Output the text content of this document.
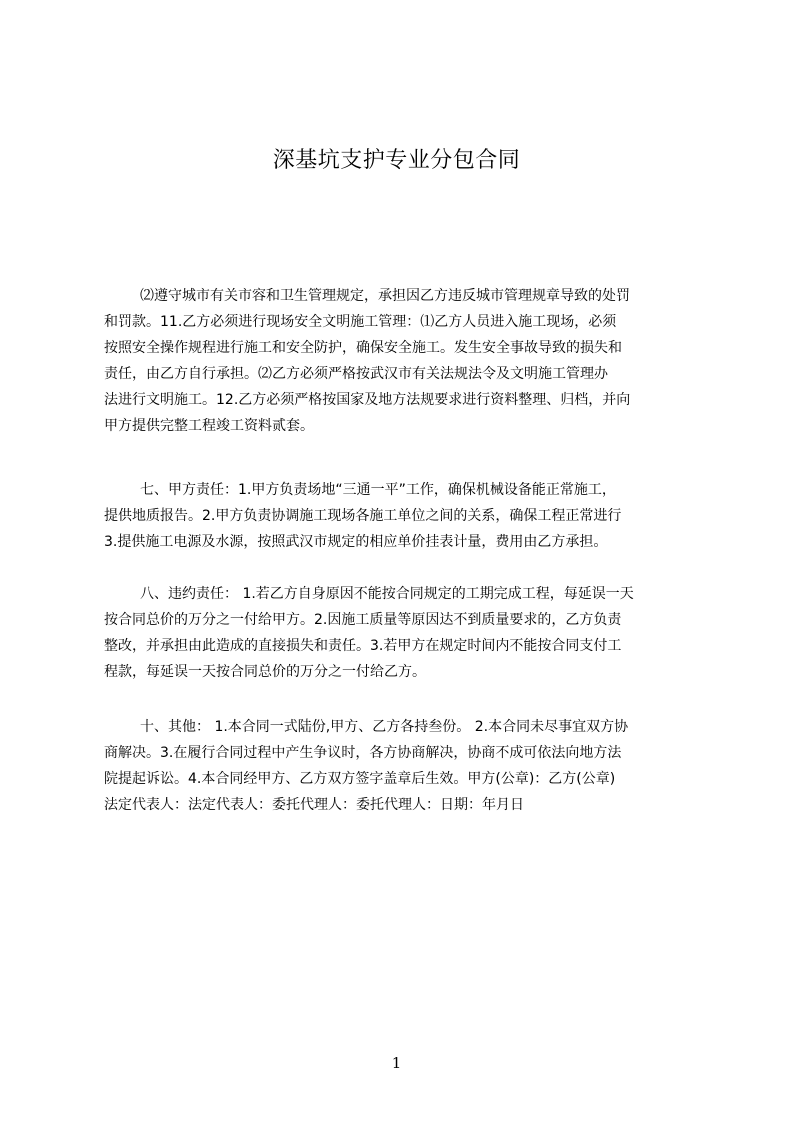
深基坑支护专业分包合同
⑵遵守城市有关市容和卫生管理规定，承担因乙方违反城市管理规章导致的处罚
和罚款。11.乙方必须进行现场安全文明施工管理：⑴乙方人员进入施工现场，必须
按照安全操作规程进行施工和安全防护，确保安全施工。发生安全事故导致的损失和
责任，由乙方自行承担。⑵乙方必须严格按武汉市有关法规法令及文明施工管理办
法进行文明施工。12.乙方必须严格按国家及地方法规要求进行资料整理、归档，并向
甲方提供完整工程竣工资料贰套。
七、甲方责任：1.甲方负责场地“三通一平”工作，确保机械设备能正常施工，
提供地质报告。2.甲方负责协调施工现场各施工单位之间的关系，确保工程正常进行
3.提供施工电源及水源，按照武汉市规定的相应单价挂表计量，费用由乙方承担。
八、违约责任： 1.若乙方自身原因不能按合同规定的工期完成工程，每延误一天
按合同总价的万分之一付给甲方。2.因施工质量等原因达不到质量要求的，乙方负责
整改，并承担由此造成的直接损失和责任。3.若甲方在规定时间内不能按合同支付工
程款，每延误一天按合同总价的万分之一付给乙方。
十、其他： 1.本合同一式陆份,甲方、乙方各持叁份。 2.本合同未尽事宜双方协
商解决。3.在履行合同过程中产生争议时，各方协商解决，协商不成可依法向地方法
院提起诉讼。4.本合同经甲方、乙方双方签字盖章后生效。甲方(公章)：乙方(公章)
法定代表人：法定代表人：委托代理人：委托代理人：日期：年月日
1
